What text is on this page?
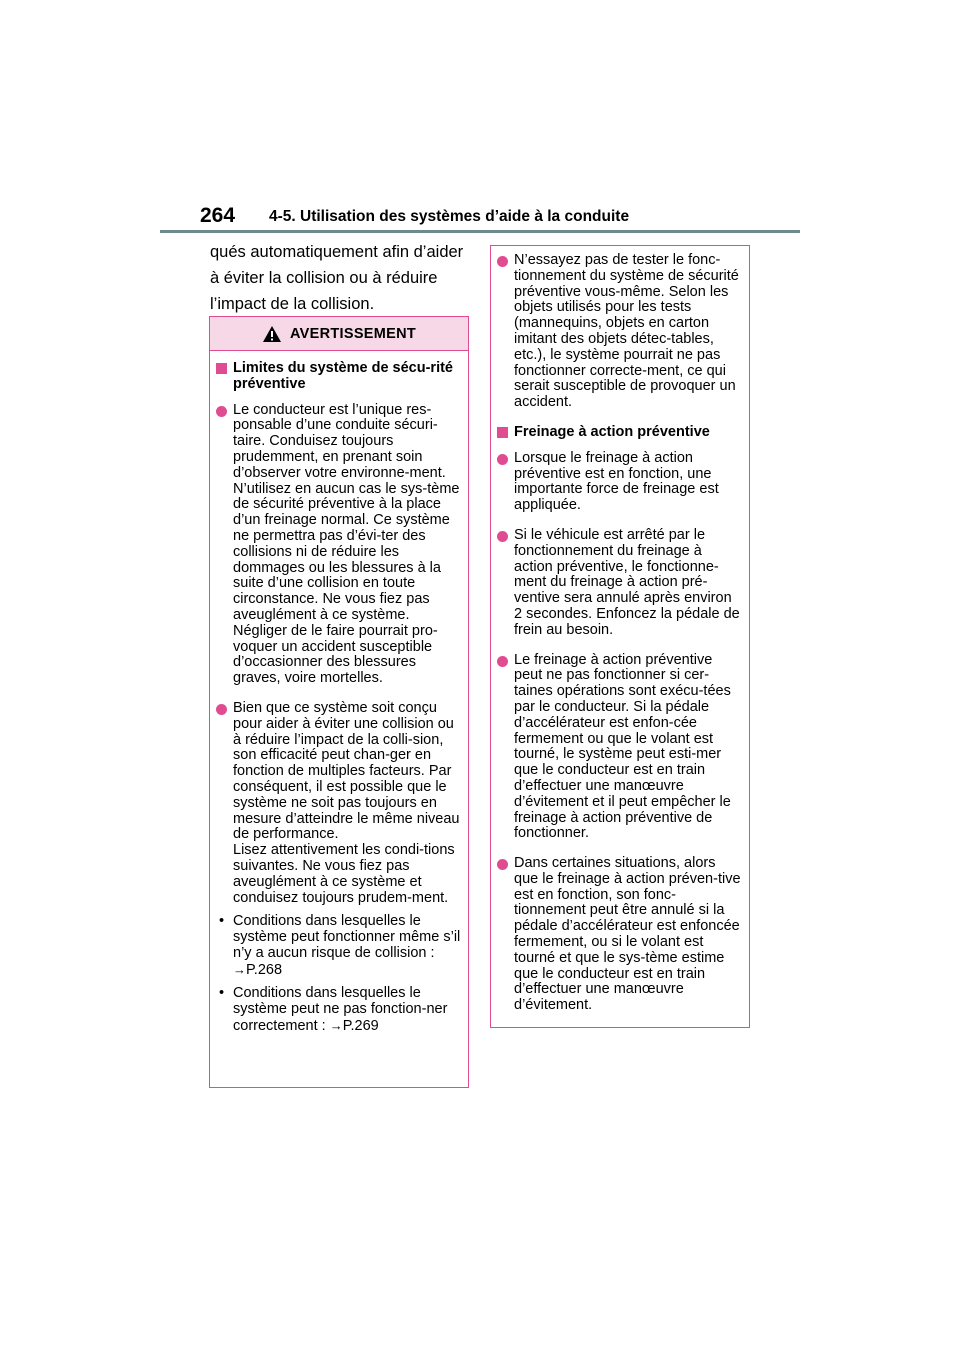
264 4-5. Utilisation des systèmes d’aide à la conduite

qués automatiquement afin d’aider à éviter la collision ou à réduire l’impact de la collision.

AVERTISSEMENT
Limites du système de sécu-rité préventive

Le conducteur est l’unique res-ponsable d’une conduite sécuri-taire. Conduisez toujours prudemment, en prenant soin d’observer votre environne-ment.

N’utilisez en aucun cas le sys-tème de sécurité préventive à la place d’un freinage normal. Ce système ne permettra pas d’évi-ter des collisions ni de réduire les dommages ou les blessures à la suite d’une collision en toute circonstance. Ne vous fiez pas aveuglément à ce système. Négliger de le faire pourrait pro-voquer un accident susceptible d’occasionner des blessures graves, voire mortelles.

Bien que ce système soit conçu pour aider à éviter une collision ou à réduire l’impact de la colli-sion, son efficacité peut chan-ger en fonction de multiples facteurs. Par conséquent, il est possible que le système ne soit pas toujours en mesure d’atteindre le même niveau de performance.

Lisez attentivement les condi-tions suivantes. Ne vous fiez pas aveuglément à ce système et conduisez toujours prudem-ment.

• Conditions dans lesquelles le système peut fonctionner même s’il n’y a aucun risque de collision : →P.268
• Conditions dans lesquelles le système peut ne pas fonction-ner correctement : →P.269

N’essayez pas de tester le fonc-tionnement du système de sécurité préventive vous-même. Selon les objets utilisés pour les tests (mannequins, objets en carton imitant des objets détec-tables, etc.), le système pourrait ne pas fonctionner correcte-ment, ce qui serait susceptible de provoquer un accident.

Freinage à action préventive

Lorsque le freinage à action préventive est en fonction, une importante force de freinage est appliquée.

Si le véhicule est arrêté par le fonctionnement du freinage à action préventive, le fonctionne-ment du freinage à action pré-ventive sera annulé après environ 2 secondes. Enfoncez la pédale de frein au besoin.

Le freinage à action préventive peut ne pas fonctionner si cer-taines opérations sont exécu-tées par le conducteur. Si la pédale d’accélérateur est enfon-cée fermement ou que le volant est tourné, le système peut esti-mer que le conducteur est en train d’effectuer une manœuvre d’évitement et il peut empêcher le freinage à action préventive de fonctionner.

Dans certaines situations, alors que le freinage à action préven-tive est en fonction, son fonc-tionnement peut être annulé si la pédale d’accélérateur est enfoncée fermement, ou si le volant est tourné et que le sys-tème estime que le conducteur est en train d’effectuer une manœuvre d’évitement.
